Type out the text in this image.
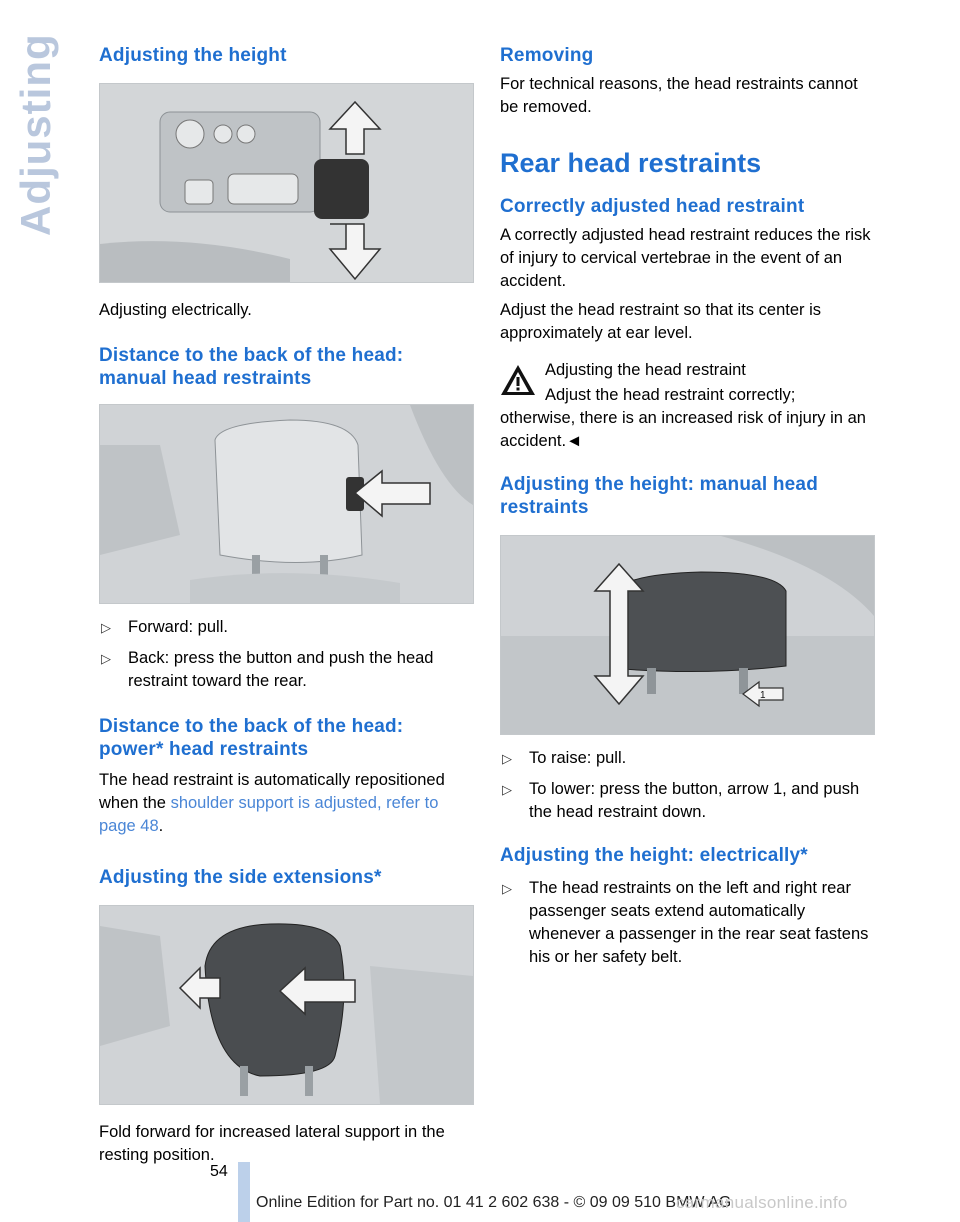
Adjusting Adjusting the height

Adjusting electrically.

Distance to the back of the head: manual head restraints
▷ Forward: pull.
▷ Back: press the button and push the head restraint toward the rear.
Distance to the back of the head: power* head restraints

The head restraint is automatically repositioned when the shoulder support is adjusted, refer to page 48.

Adjusting the side extensions*

Fold forward for increased lateral support in the resting position.

Removing

For technical reasons, the head restraints cannot be removed.

Rear head restraints
Correctly adjusted head restraint

A correctly adjusted head restraint reduces the risk of injury to cervical vertebrae in the event of an accident.

Adjust the head restraint so that its center is approximately at ear level.

Adjusting the head restraint

Adjust the head restraint correctly; otherwise, there is an increased risk of injury in an accident.◄

Adjusting the height: manual head restraints
1
▷ To raise: pull.
▷ To lower: press the button, arrow 1, and push the head restraint down.
Adjusting the height: electrically*
▷ The head restraints on the left and right rear passenger seats extend automatically whenever a passenger in the rear seat fastens his or her safety belt.
54
Online Edition for Part no. 01 41 2 602 638 - © 09 09 510 BMW AG
carmanualsonline.info
